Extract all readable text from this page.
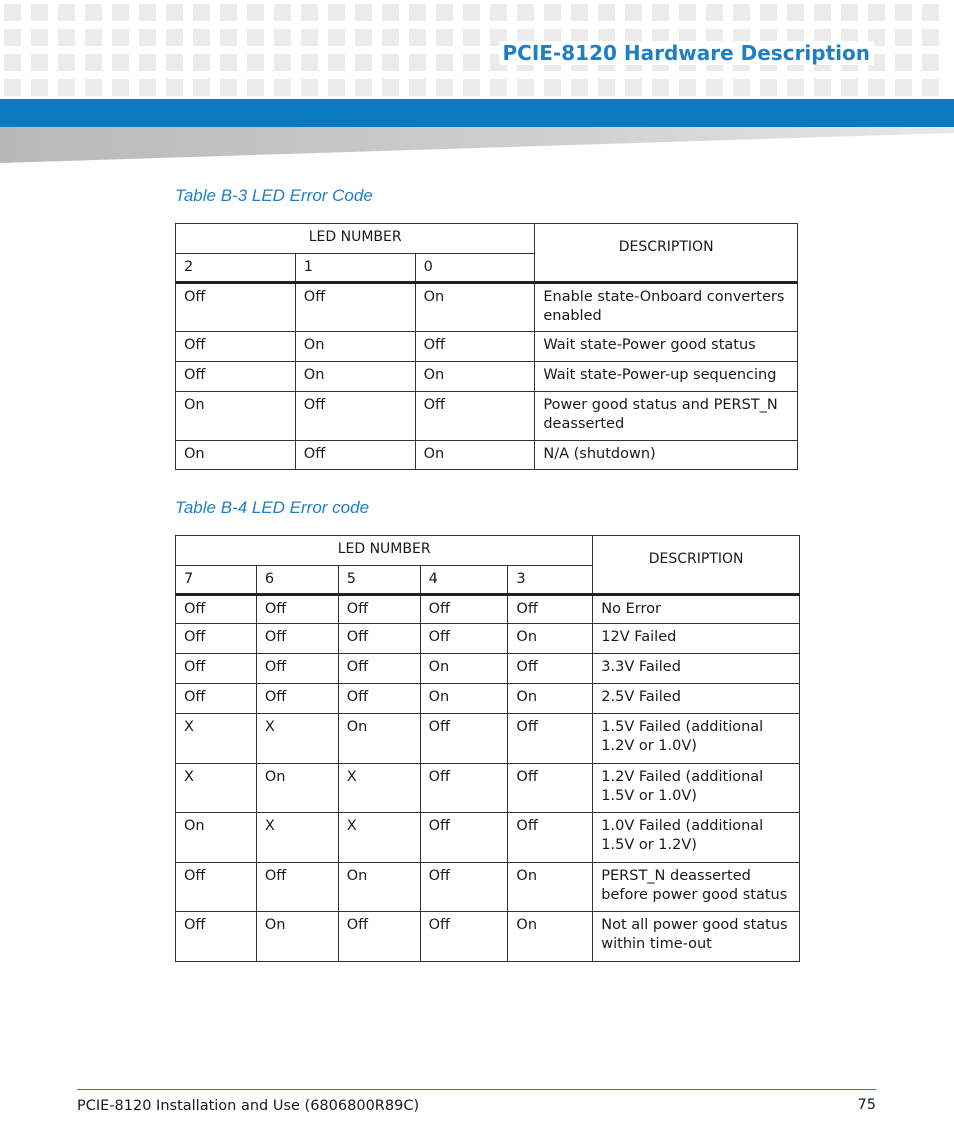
PCIE-8120 Hardware Description
Table B-3 LED Error Code
LED NUMBER			DESCRIPTION
2	1	0	
Off	Off	On	Enable state-Onboard converters enabled
Off	On	Off	Wait state-Power good status
Off	On	On	Wait state-Power-up sequencing
On	Off	Off	Power good status and PERST_N deasserted
On	Off	On	N/A (shutdown)
Table B-4 LED Error code
LED NUMBER					DESCRIPTION
7	6	5	4	3	
Off	Off	Off	Off	Off	No Error
Off	Off	Off	Off	On	12V Failed
Off	Off	Off	On	Off	3.3V Failed
Off	Off	Off	On	On	2.5V Failed
X	X	On	Off	Off	1.5V Failed (additional 1.2V or 1.0V)
X	On	X	Off	Off	1.2V Failed (additional 1.5V or 1.0V)
On	X	X	Off	Off	1.0V Failed (additional 1.5V or 1.2V)
Off	Off	On	Off	On	PERST_N deasserted before power good status
Off	On	Off	Off	On	Not all power good status within time-out
PCIE-8120 Installation and Use (6806800R89C)	75
